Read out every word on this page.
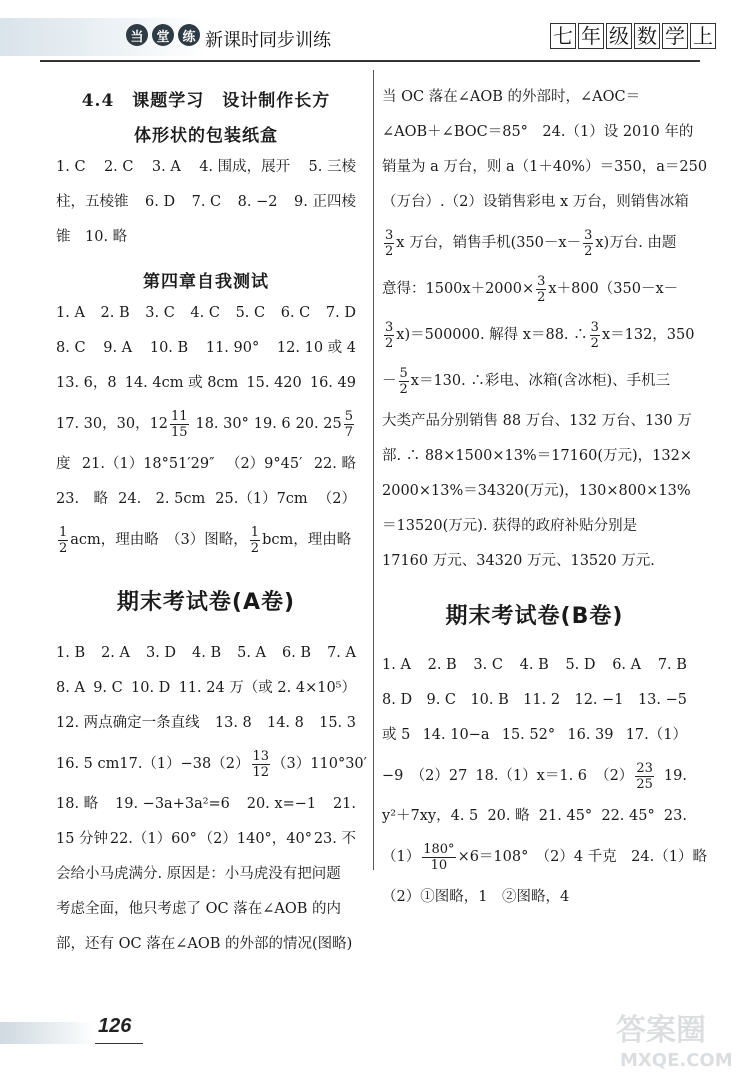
当 堂 练 新课时同步训练	七 年 级 数 学 上
4.4　课题学习　设计制作长方
体形状的包装纸盒
1. C 2. C 3. A 4. 围成，展开 5. 三棱
柱，五棱锥 6. D 7. C 8. −2 9. 正四棱
锥　10. 略
第四章自我测试
1. A 2. B 3. C 4. C 5. C 6. C 7. D
8. C 9. A 10. B 11. 90° 12. 10 或 4
13. 6，8 14. 4cm 或 8cm 15. 420 16. 49
17. 30，30，$12 \frac{11}{15} 18$. 30° 19. 6 20. $25 \frac{5}{7}$
度 21.（1）18°51′29″ （2）9°45′ 22. 略
23.　略 24.　2. 5cm 25.（1）7cm （2）
$\frac{1}{2}$ acm，理由略　（3）图略， $\frac{1}{2}$ bcm，理由略
期末考试卷(A卷)
1. B 2. A 3. D 4. B 5. A 6. B 7. A
8. A 9. C 10. D 11. 24 万（或 2. 4×10⁵）
12. 两点确定一条直线 13. 8 14. 8 15. 3
16. 5 cm 17.（1）−38 $(2) \frac{13}{12} (3)110^\circ 30'$
18. 略 19. −3a+3a²=6 20. x=−1 21.
15 分钟 22.（1）60° （2）140°，40° 23. 不
会给小马虎满分. 原因是：小马虎没有把问题
考虑全面，他只考虑了 OC 落在∠AOB 的内
部，还有 OC 落在∠AOB 的外部的情况(图略)
当 OC 落在∠AOB 的外部时，∠AOC＝
∠AOB＋∠BOC＝85°　24.（1）设 2010 年的
销量为 a 万台，则 a（1＋40%）＝350，a＝250
（万台）.（2）设销售彩电 x 万台，则销售冰箱
$\frac{3}{2}$ x 万台，销售手机$(350-x- \frac{3}{2} x)$万台. 由题
意得：$1500x+2000\times \frac{3}{2} x+800(350-x-$
$\frac{3}{2} x)=500000$. 解得 x＝88. ∴ $\frac{3}{2} x=132$，350
－ $\frac{5}{2} x=130$. ∴彩电、冰箱(含冰柜)、手机三
大类产品分别销售 88 万台、132 万台、130 万
部. ∴ 88×1500×13%＝17160(万元)，132×
2000×13%＝34320(万元)，130×800×13%
＝13520(万元). 获得的政府补贴分别是
17160 万元、34320 万元、13520 万元.
期末考试卷(B卷)
1. A 2. B 3. C 4. B 5. D 6. A 7. B
8. D 9. C 10. B 11. 2 12. −1 13. −5
或 5 14. 10−a 15. 52° 16. 39 17.（1）
−9　（2）27 18.（1）x＝1. 6 $(2) \frac{23}{25} 19$.
y²＋7xy，4. 5 20. 略 21. 45° 22. 45° 23.
$(1) \frac{180^\circ}{10} \times 6=108^\circ$　（2）4 千克　24.（1）略
（2）①图略，1　②图略，4
126	答案圈
MXQE.COM
